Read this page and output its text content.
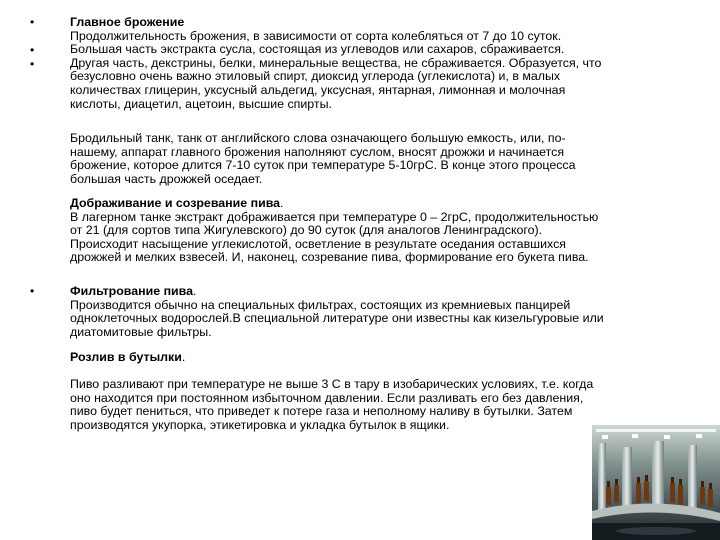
•
•
•
•
Главное брожение
Продолжительность брожения, в зависимости от сорта колебляться от 7 до 10 суток.
Большая часть экстракта сусла, состоящая из углеводов или сахаров, сбраживается.
Другая часть, декстрины, белки, минеральные вещества, не сбраживается. Образуется, что
безусловно очень важно этиловый спирт, диоксид углерода (углекислота) и, в малых
количествах глицерин, уксусный альдегид, уксусная, янтарная, лимонная и молочная
кислоты, диацетил, ацетоин, высшие спирты.
Бродильный танк, танк от английского слова означающего большую емкость, или, по-
нашему, аппарат главного брожения наполняют суслом, вносят дрожжи и начинается
брожение, которое длится 7-10 суток при температуре 5-10грС. В конце этого процесса
большая часть дрожжей оседает.
Дображивание и созревание пива.
В лагерном танке экстракт дображивается при температуре 0 – 2грС, продолжительностью
от 21 (для сортов типа Жигулевского) до 90 суток (для аналогов Ленинградского).
Происходит насыщение углекислотой, осветление в результате оседания оставшихся
дрожжей и мелких взвесей. И, наконец, созревание пива, формирование его букета пива.
Фильтрование пива.
Производится обычно на специальных фильтрах, состоящих из кремниевых панцирей
одноклеточных водорослей.В специальной литературе они известны как кизельгуровые или
диатомитовые фильтры.
Розлив в бутылки.
Пиво разливают при температуре не выше 3 С в тару в изобарических условиях, т.е. когда
оно находится при постоянном избыточном давлении. Если разливать его без давления,
пиво будет пениться, что приведет к потере газа и неполному наливу в бутылки. Затем
производятся укупорка, этикетировка и укладка бутылок в ящики.
